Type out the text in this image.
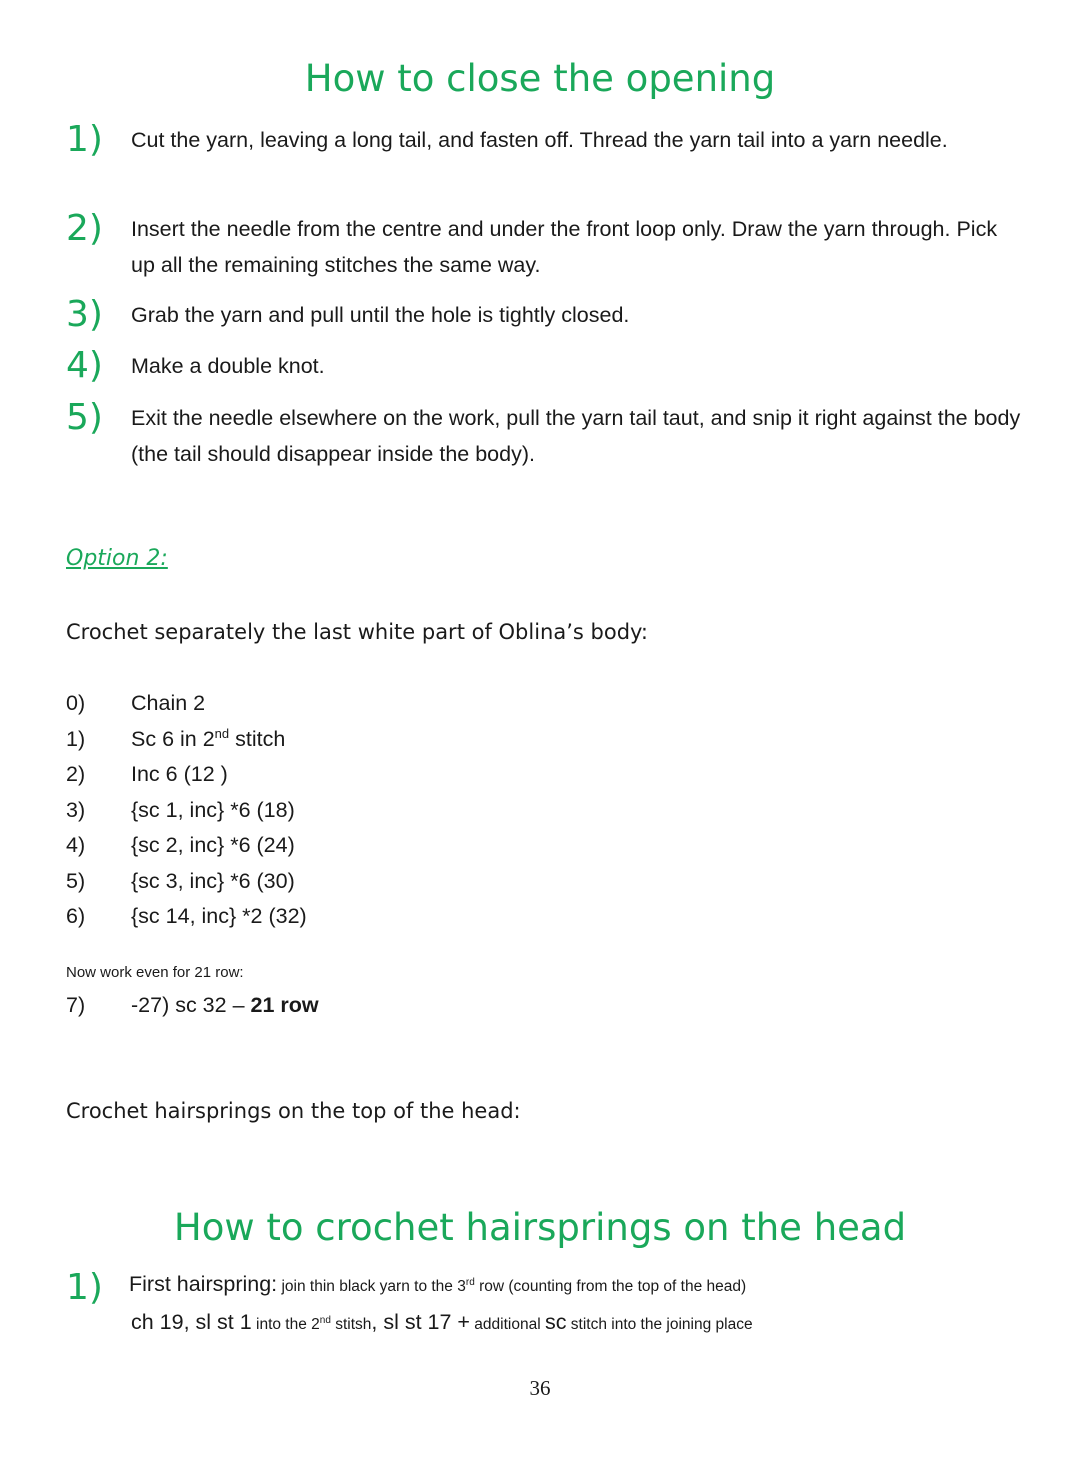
How to close the opening
1) Cut the yarn, leaving a long tail, and fasten off. Thread the yarn tail into a yarn needle.
2) Insert the needle from the centre and under the front loop only. Draw the yarn through. Pick up all the remaining stitches the same way.
3) Grab the yarn and pull until the hole is tightly closed.
4) Make a double knot.
5) Exit the needle elsewhere on the work, pull the yarn tail taut, and snip it right against the body (the tail should disappear inside the body).
Option 2:
Crochet separately the last white part of Oblina’s body:
0)	Chain 2
1)	Sc 6 in 2nd stitch
2)	Inc 6 (12 )
3)	{sc 1, inc} *6 (18)
4)	{sc 2, inc} *6 (24)
5)	{sc 3, inc} *6 (30)
6)	{sc 14, inc} *2 (32)
Now work even for 21 row:
7) -27) sc 32 – 21 row
Crochet hairsprings on the top of the head:
How to crochet hairsprings on the head
1) First hairspring: join thin black yarn to the 3rd row (counting from the top of the head)
ch 19, sl st 1 into the 2nd stitsh, sl st 17 + additional sc stitch into the joining place
36
